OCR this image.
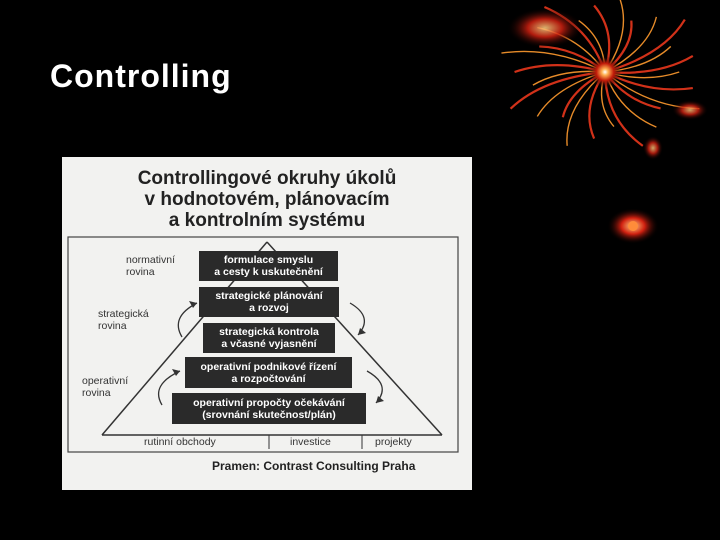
Controlling
Controllingové okruhy úkolů
v hodnotovém, plánovacím
a kontrolním systému
normativní
rovina
strategická
rovina
operativní
rovina
formulace smyslu
a cesty k uskutečnění
strategické plánování
a rozvoj
strategická kontrola
a včasné vyjasnění
operativní podnikové řízení
a rozpočtování
operativní propočty očekávání
(srovnání skutečnost/plán)
rutinní obchody	investice	projekty
Pramen: Contrast Consulting Praha
